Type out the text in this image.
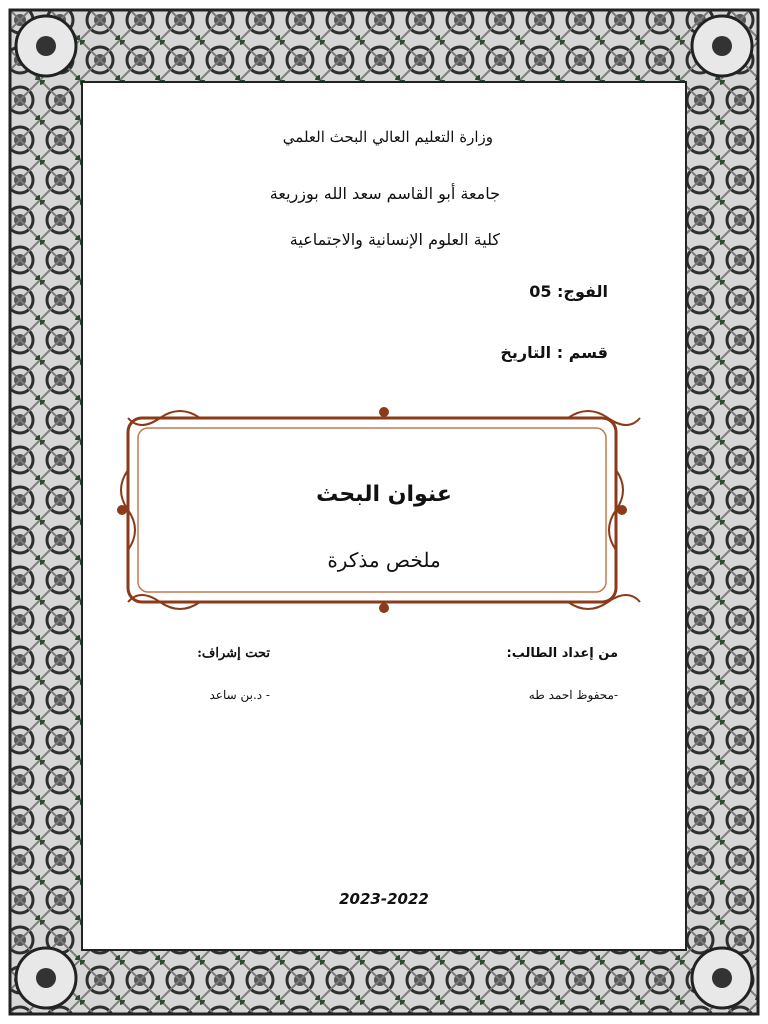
وزارة التعليم العالي البحث العلمي
جامعة أبو القاسم سعد الله بوزريعة
كلية العلوم الإنسانية والاجتماعية
الفوج: 05
قسم : التاريخ
عنوان البحث
ملخص مذكرة
من إعداد الطالب:
تحت إشراف:
-محفوظ احمد طه
- د.بن ساعد
2023-2022
